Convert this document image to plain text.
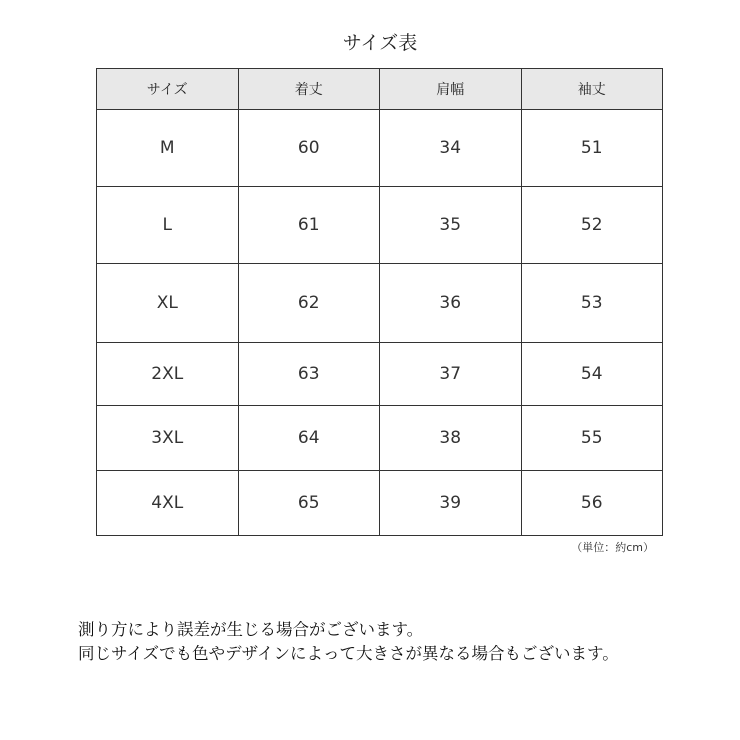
サイズ表
サイズ	着丈	肩幅	袖丈
M	60	34	51
L	61	35	52
XL	62	36	53
2XL	63	37	54
3XL	64	38	55
4XL	65	39	56
（単位：約cm）
測り方により誤差が生じる場合がございます。
同じサイズでも色やデザインによって大きさが異なる場合もございます。
